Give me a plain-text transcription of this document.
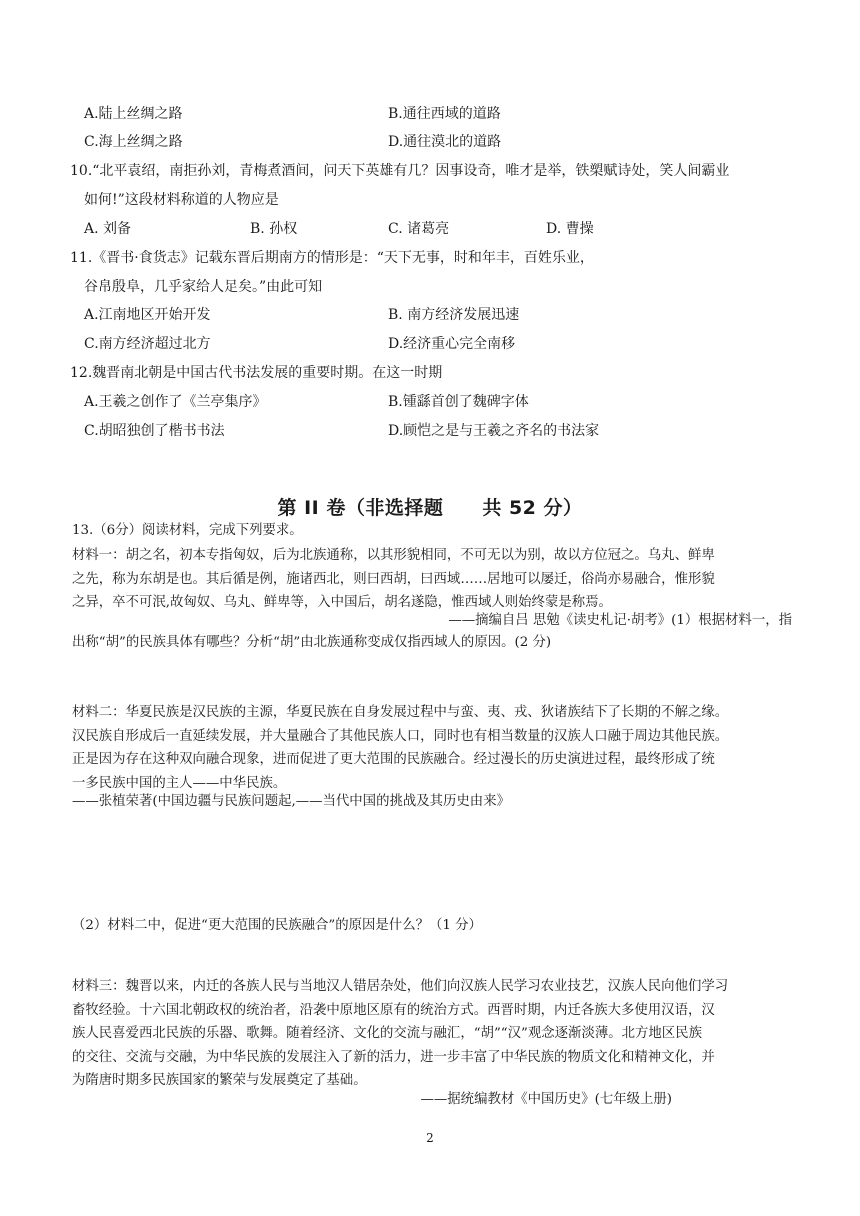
A.陆上丝绸之路	B.通往西域的道路
C.海上丝绸之路	D.通往漠北的道路
10.“北平袁绍，南拒孙刘，青梅煮酒间，问天下英雄有几？因事设奇，唯才是举，铁槊赋诗处，笑人间霸业
如何!”这段材料称道的人物应是
A. 刘备	B. 孙权	C. 诸葛亮	D. 曹操
11.《晋书·食货志》记载东晋后期南方的情形是：“天下无事，时和年丰，百姓乐业，
谷帛殷阜，几乎家给人足矣。”由此可知
A.江南地区开始开发	B. 南方经济发展迅速
C.南方经济超过北方	D.经济重心完全南移
12.魏晋南北朝是中国古代书法发展的重要时期。在这一时期
A.王羲之创作了《兰亭集序》	B.锺繇首创了魏碑字体
C.胡昭独创了楷书书法	D.顾恺之是与王羲之齐名的书法家
第 II 卷（非选择题　　共 52 分）
13.（6分）阅读材料，完成下列要求。
材料一：胡之名，初本专指匈奴，后为北族通称，以其形貌相同，不可无以为别，故以方位冠之。乌丸、鲜卑
之先，称为东胡是也。其后循是例，施诸西北，则曰西胡，曰西域……居地可以屡迁，俗尚亦易融合，惟形貌
之异，卒不可泯,故匈奴、乌丸、鲜卑等，入中国后，胡名遂隐，惟西域人则始终蒙是称焉。
——摘编自吕 思勉《读史札记·胡考》(1）根据材料一，指
出称“胡”的民族具体有哪些？分析“胡”由北族通称变成仅指西域人的原因。(2 分)
材料二：华夏民族是汉民族的主源，华夏民族在自身发展过程中与蛮、夷、戎、狄诸族结下了长期的不解之缘。
汉民族自形成后一直延续发展，并大量融合了其他民族人口，同时也有相当数量的汉族人口融于周边其他民族。
正是因为存在这种双向融合现象，进而促进了更大范围的民族融合。经过漫长的历史演进过程，最终形成了统
一多民族中国的主人——中华民族。
——张植荣著(中国边疆与民族问题起,——当代中国的挑战及其历史由来》
（2）材料二中，促进“更大范围的民族融合”的原因是什么？（1 分）
材料三：魏晋以来，内迁的各族人民与当地汉人错居杂处，他们向汉族人民学习农业技艺，汉族人民向他们学习
畜牧经验。十六国北朝政权的统治者，沿袭中原地区原有的统治方式。西晋时期，内迁各族大多使用汉语，汉
族人民喜爱西北民族的乐器、歌舞。随着经济、文化的交流与融汇，“胡”“汉”观念逐渐淡薄。北方地区民族
的交往、交流与交融，为中华民族的发展注入了新的活力，进一步丰富了中华民族的物质文化和精神文化，并
为隋唐时期多民族国家的繁荣与发展奠定了基础。
——据统编教材《中国历史》(七年级上册)
2
